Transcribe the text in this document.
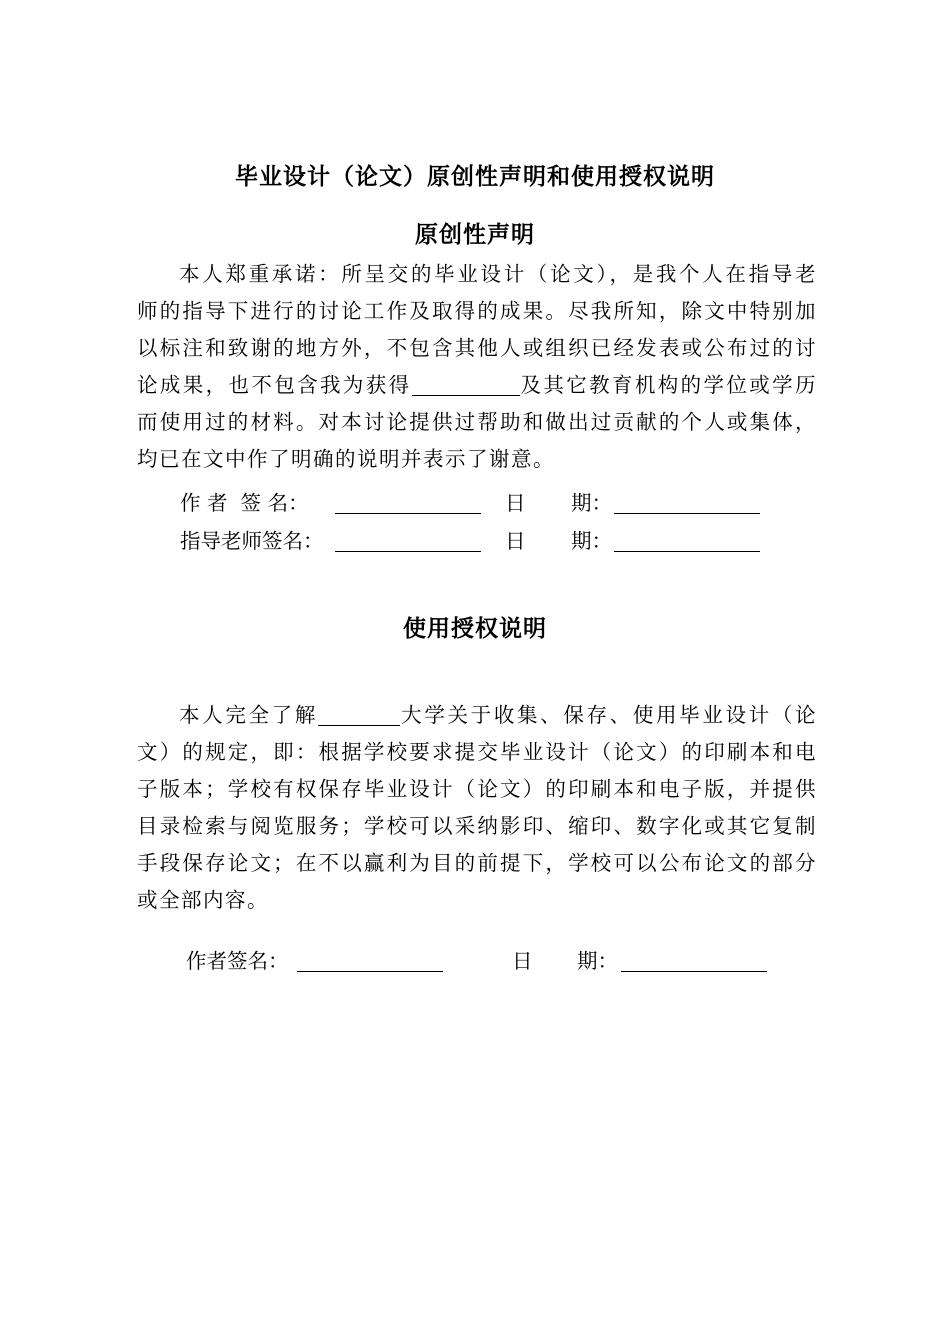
毕业设计（论文）原创性声明和使用授权说明
原创性声明
本人郑重承诺：所呈交的毕业设计（论文），是我个人在指导老
师的指导下进行的讨论工作及取得的成果。尽我所知，除文中特别加
以标注和致谢的地方外，不包含其他人或组织已经发表或公布过的讨
论成果，也不包含我为获得	及其它教育机构的学位或学历
而使用过的材料。对本讨论提供过帮助和做出过贡献的个人或集体，
均已在文中作了明确的说明并表示了谢意。
作 者  签 名：	日 期：
指导老师签名：	日 期：
使用授权说明
本人完全了解	大学关于收集、保存、使用毕业设计（论
文）的规定，即：根据学校要求提交毕业设计（论文）的印刷本和电
子版本；学校有权保存毕业设计（论文）的印刷本和电子版，并提供
目录检索与阅览服务；学校可以采纳影印、缩印、数字化或其它复制
手段保存论文；在不以赢利为目的前提下，学校可以公布论文的部分
或全部内容。
作者签名：	日 期：
